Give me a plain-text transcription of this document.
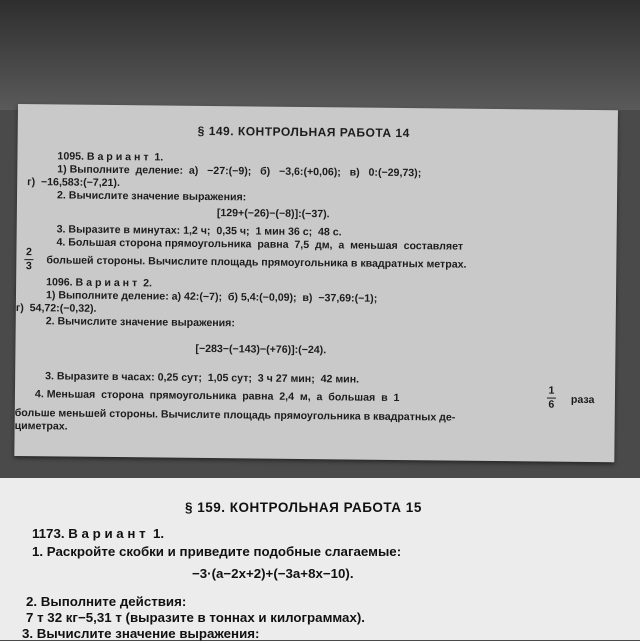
§ 149. КОНТРОЛЬНАЯ РАБОТА 14
1095. В а р и а н т  1.
1) Выполните  деление:  а)   −27:(−9);   б)   −3,6:(+0,06);   в)   0:(−29,73);
г)  −16,583:(−7,21).
2. Вычислите значение выражения:
[129+(−26)−(−8)]:(−37).
3. Выразите в минутах: 1,2 ч;  0,35 ч;  1 мин 36 с;  48 с.
4. Большая сторона прямоугольника  равна  7,5  дм,  а  меньшая  составляет
2
3 большей стороны. Вычислите площадь прямоугольника в квадратных метрах.
1096. В а р и а н т  2.
1) Выполните деление: а) 42:(−7);  б) 5,4:(−0,09);  в)  −37,69:(−1);
г)  54,72:(−0,32).
2. Вычислите значение выражения:
[−283−(−143)−(+76)]:(−24).
3. Выразите в часах: 0,25 сут;  1,05 сут;  3 ч 27 мин;  42 мин.
4. Меньшая  сторона  прямоугольника  равна  2,4  м,  а  большая  в  1	1
6 раза
больше меньшей стороны. Вычислите площадь прямоугольника в квадратных де-
циметрах.
§ 159. КОНТРОЛЬНАЯ РАБОТА 15
1173. В а р и а н т  1.
1. Раскройте скобки и приведите подобные слагаемые:
−3·(a−2x+2)+(−3a+8x−10).
2. Выполните действия:
7 т 32 кг−5,31 т (выразите в тоннах и килограммах).
3. Вычислите значение выражения:
